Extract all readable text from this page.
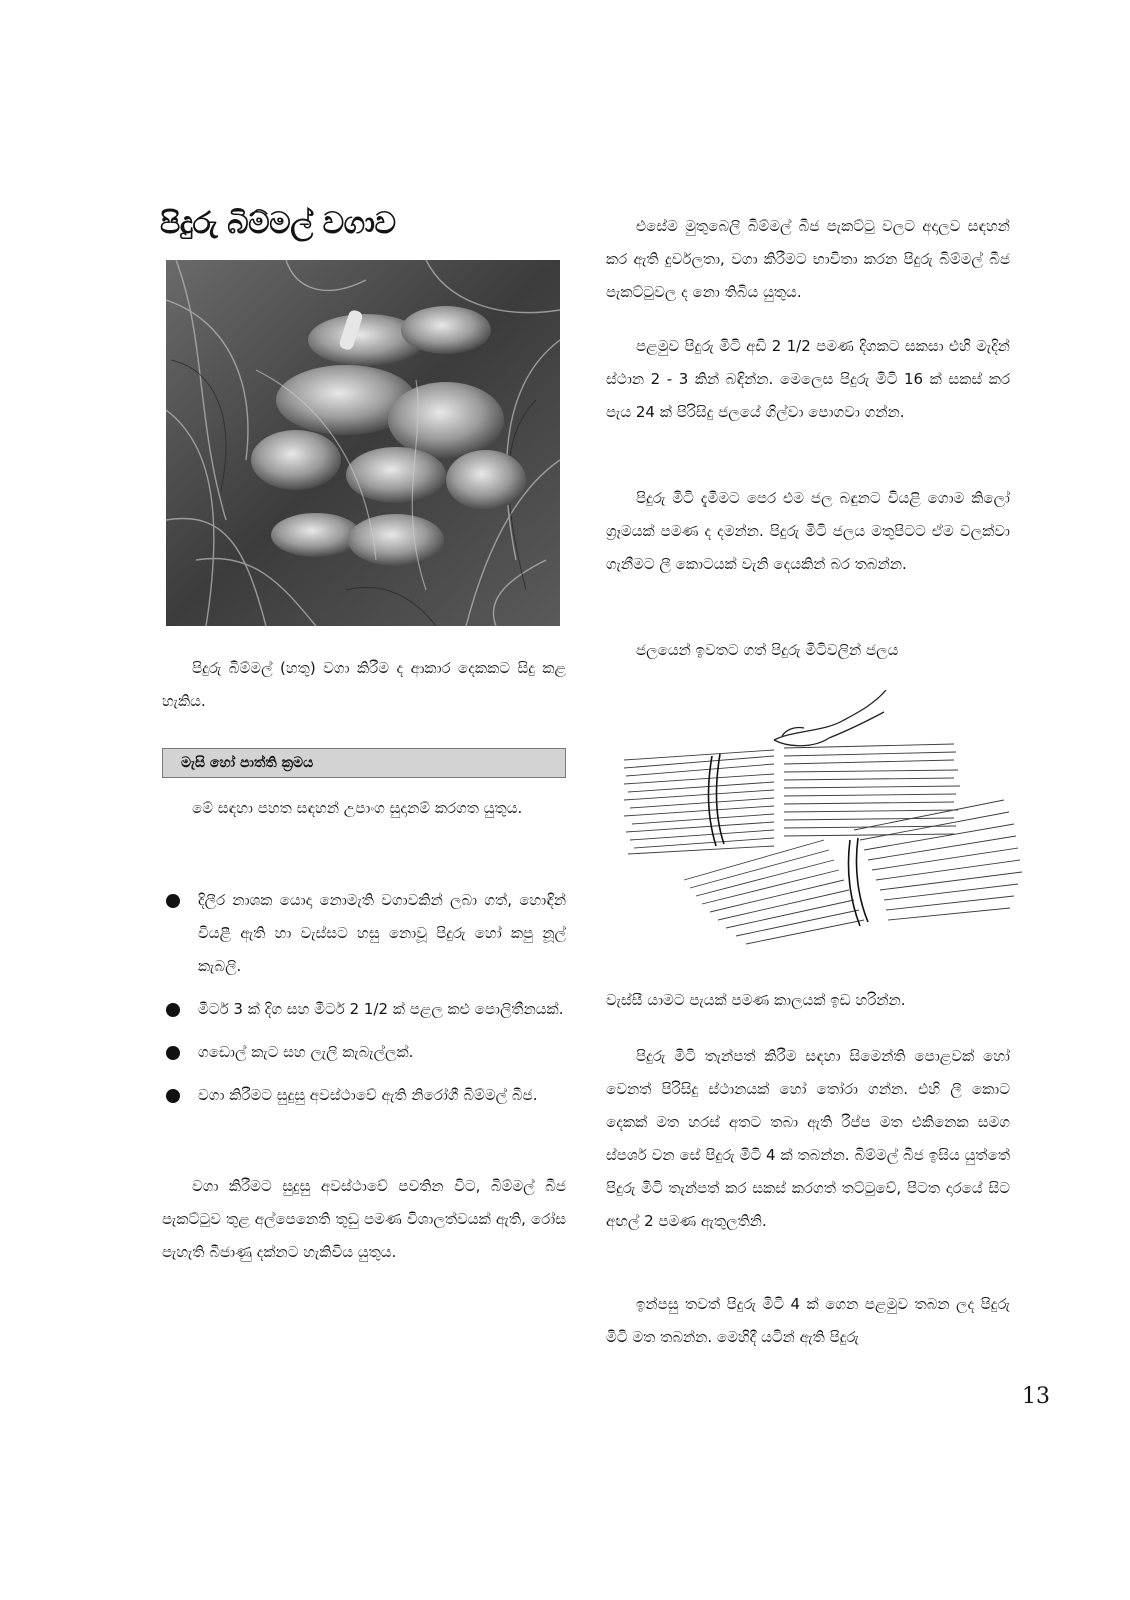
පිදුරු බිම්මල් වගාව

පිදුරු බිම්මල් (හතු) වගා කිරීම ද ආකාර දෙකකට සිදු කළ හැකිය.

මැසි හෝ පාත්ති ක්‍රමය

මේ සඳහා පහත සඳහන් උපාංග සුදානම් කරගත යුතුය.

දිලීර නාශක යොදා නොමැති වගාවකින් ලබා ගත්, හොඳින් වියළී ඇති හා වැස්සට හසු නොවූ පිදුරු හෝ කපු නූල් කැබලි.
මීටර් 3 ක් දිග සහ මීටර් 2 1/2 ක් පළල කළු පොලිතීනයක්.
ගඩොල් කැට සහ ලැලි කැබැල්ලක්.
වගා කිරීමට සුදුසු අවස්ථාවේ ඇති නිරෝගී බිම්මල් බීජ.

වගා කිරීමට සුදුසු අවස්ථාවේ පවතින විට, බිම්මල් බීජ පැකට්ටුව තුළ අල්පෙනෙති තුඩු පමණ විශාලත්වයක් ඇති, රෝස පැහැති බීජාණු දක්නට හැකිවිය යුතුය.

එසේම මුතුබෙලි බිම්මල් බීජ පැකට්ටු වලට අදාලව සඳහන් කර ඇති දුර්වලතා, වගා කිරීමට භාවිතා කරන පිදුරු බිම්මල් බීජ පැකට්ටුවල ද නො තිබිය යුතුය.

පළමුව පිදුරු මිටි අඩි 2 1/2 පමණ දිගකට සකසා එහි මැදින් ස්ථාන 2 - 3 කින් බඳින්න. මෙලෙස පිදුරු මිටි 16 ක් සකස් කර පැය 24 ක් පිරිසිදු ජලයේ ගිල්වා පොගවා ගන්න.

පිදුරු මිටි දැමීමට පෙර එම ජල බඳුනට වියළි ගොම කිලෝ ග්‍රෑමයක් පමණ ද දමන්න. පිදුරු මිටි ජලය මතුපිටට ඒම වලක්වා ගැනීමට ලී කොටයක් වැනි දෙයකින් බර තබන්න.

ජලයෙන් ඉවතට ගත් පිදුරු මිටිවලින් ජලය

වැස්සී යාමට පැයක් පමණ කාලයක් ඉඩ හරින්න.

පිදුරු මිටි තැන්පත් කිරීම සඳහා සිමෙන්ති පොළවක් හෝ වෙනත් පිරිසිදු ස්ථානයක් හෝ තෝරා ගන්න. එහි ලී කොට දෙකක් මත හරස් අතට තබා ඇති රීප්ප මත එකිනෙක සමග ස්පර්ශ වන සේ පිදුරු මිටි 4 ක් තබන්න. බිම්මල් බීජ ඉසිය යුත්තේ පිදුරු මිටි තැන්පත් කර සකස් කරගත් තට්ටුවේ, පිටත දාරයේ සිට අඟල් 2 පමණ ඇතුලතිනි.

ඉන්පසු තවත් පිදුරු මිටි 4 ක් ගෙන පළමුව තබන ලද පිදුරු මිටි මත තබන්න. මෙහිදී යටින් ඇති පිදුරු

13
